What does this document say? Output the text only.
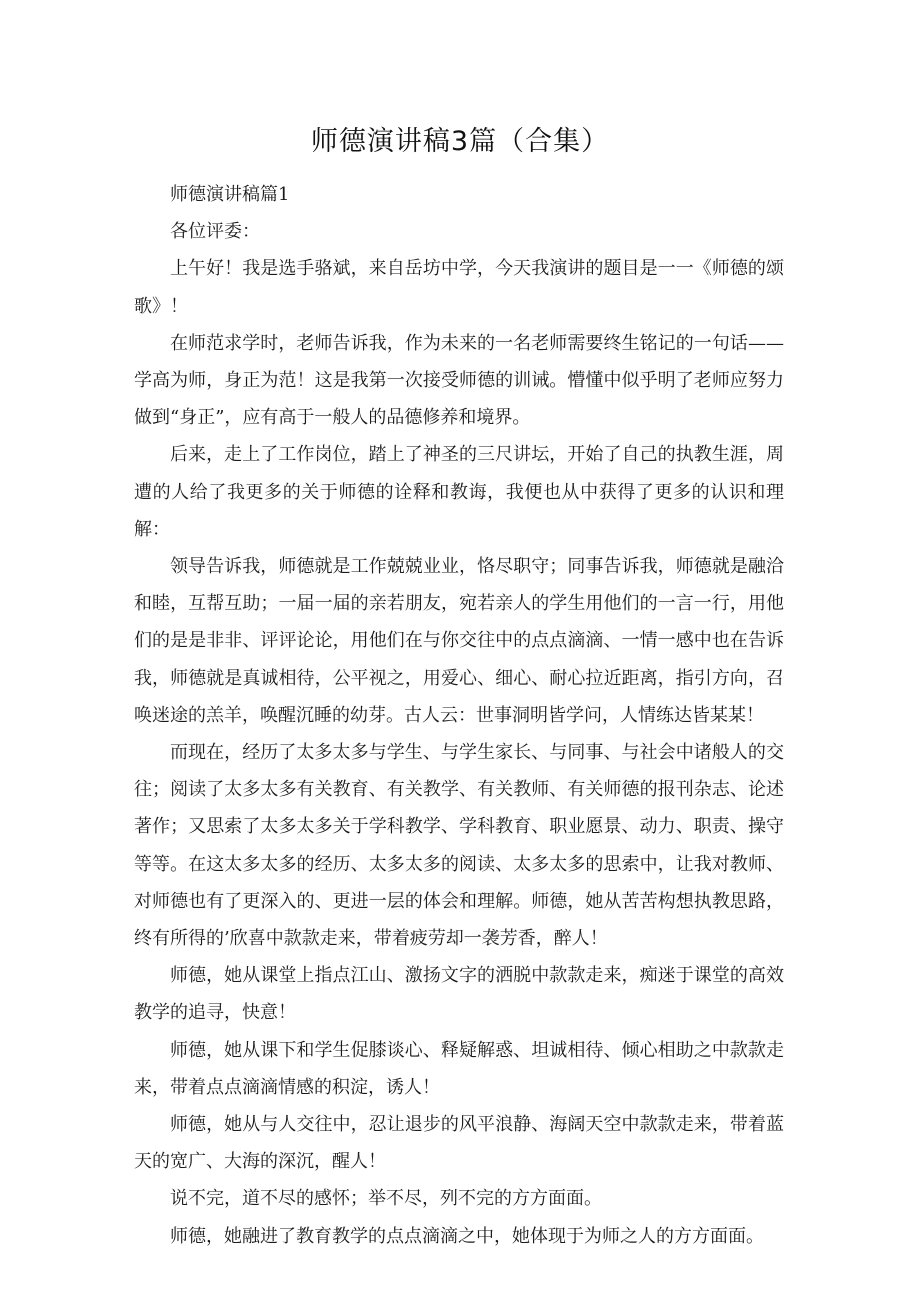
师德演讲稿3篇（合集）

师德演讲稿篇1

各位评委：

上午好！我是选手骆斌，来自岳坊中学，今天我演讲的题目是一一《师德的颂歌》！

在师范求学时，老师告诉我，作为未来的一名老师需要终生铭记的一句话——学高为师，身正为范！这是我第一次接受师德的训诫。懵懂中似乎明了老师应努力做到“身正”，应有高于一般人的品德修养和境界。

后来，走上了工作岗位，踏上了神圣的三尺讲坛，开始了自己的执教生涯，周遭的人给了我更多的关于师德的诠释和教诲，我便也从中获得了更多的认识和理解：

领导告诉我，师德就是工作兢兢业业，恪尽职守；同事告诉我，师德就是融洽和睦，互帮互助；一届一届的亲若朋友，宛若亲人的学生用他们的一言一行，用他们的是是非非、评评论论，用他们在与你交往中的点点滴滴、一情一感中也在告诉我，师德就是真诚相待，公平视之，用爱心、细心、耐心拉近距离，指引方向，召唤迷途的羔羊，唤醒沉睡的幼芽。古人云：世事洞明皆学问，人情练达皆某某！

而现在，经历了太多太多与学生、与学生家长、与同事、与社会中诸般人的交往；阅读了太多太多有关教育、有关教学、有关教师、有关师德的报刊杂志、论述著作；又思索了太多太多关于学科教学、学科教育、职业愿景、动力、职责、操守等等。在这太多太多的经历、太多太多的阅读、太多太多的思索中，让我对教师、对师德也有了更深入的、更进一层的体会和理解。师德，她从苦苦构想执教思路，终有所得的’欣喜中款款走来，带着疲劳却一袭芳香，醉人！

师德，她从课堂上指点江山、激扬文字的洒脱中款款走来，痴迷于课堂的高效教学的追寻，快意！

师德，她从课下和学生促膝谈心、释疑解惑、坦诚相待、倾心相助之中款款走来，带着点点滴滴情感的积淀，诱人！

师德，她从与人交往中，忍让退步的风平浪静、海阔天空中款款走来，带着蓝天的宽广、大海的深沉，醒人！

说不完，道不尽的感怀；举不尽，列不完的方方面面。

师德，她融进了教育教学的点点滴滴之中，她体现于为师之人的方方面面。
